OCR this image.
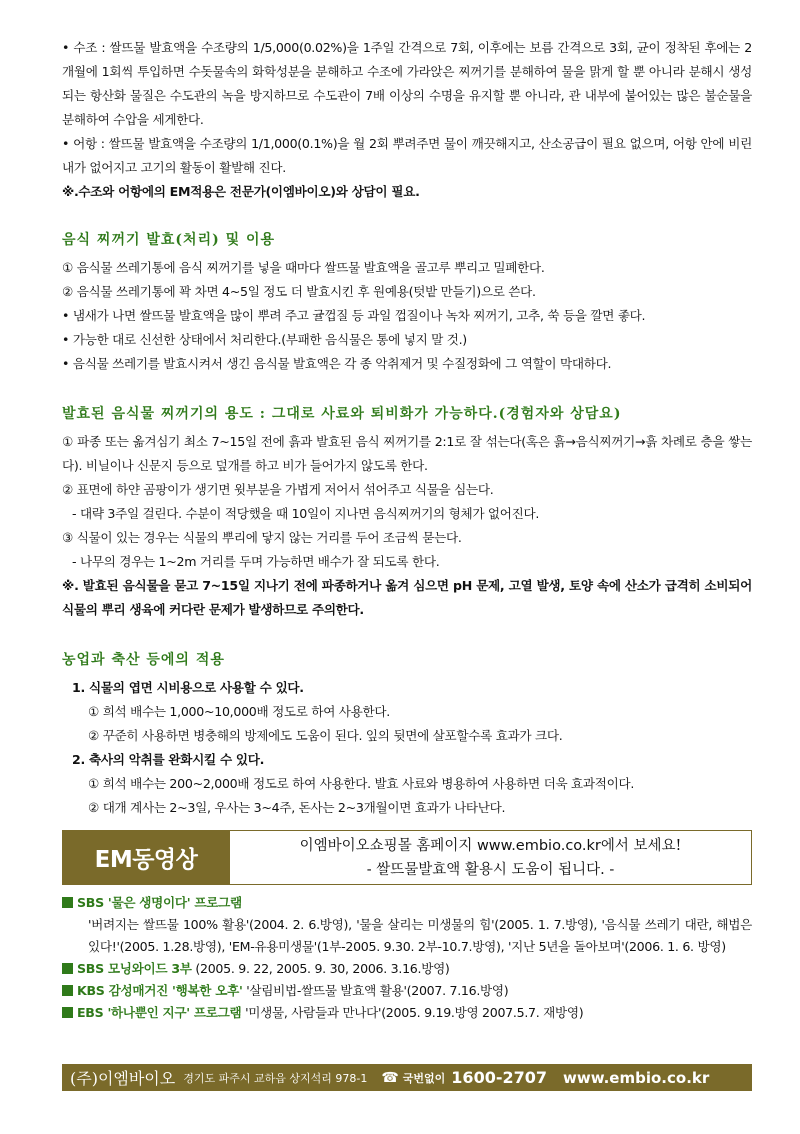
• 수조 : 쌀뜨물 발효액을 수조량의 1/5,000(0.02%)을 1주일 간격으로 7회, 이후에는 보름 간격으로 3회, 균이 정착된 후에는 2개월에 1회씩 투입하면 수돗물속의 화학성분을 분해하고 수조에 가라앉은 찌꺼기를 분해하여 물을 맑게 할 뿐 아니라 분해시 생성되는 항산화 물질은 수도관의 녹을 방지하므로 수도관이 7배 이상의 수명을 유지할 뿐 아니라, 관 내부에 붙어있는 많은 불순물을 분해하여 수압을 세게한다.

• 어항 : 쌀뜨물 발효액을 수조량의 1/1,000(0.1%)을 월 2회 뿌려주면 물이 깨끗해지고, 산소공급이 필요 없으며, 어항 안에 비린내가 없어지고 고기의 활동이 활발해 진다.

※.수조와 어항에의 EM적용은 전문가(이엠바이오)와 상담이 필요.

음식 찌꺼기 발효(처리) 및 이용

① 음식물 쓰레기통에 음식 찌꺼기를 넣을 때마다 쌀뜨물 발효액을 골고루 뿌리고 밀폐한다.

② 음식물 쓰레기통에 꽉 차면 4~5일 정도 더 발효시킨 후 원예용(텃밭 만들기)으로 쓴다.

• 냄새가 나면 쌀뜨물 발효액을 많이 뿌려 주고 귤껍질 등 과일 껍질이나 녹차 찌꺼기, 고추, 쑥 등을 깔면 좋다.

• 가능한 대로 신선한 상태에서 처리한다.(부패한 음식물은 통에 넣지 말 것.)

• 음식물 쓰레기를 발효시켜서 생긴 음식물 발효액은 각 종 악취제거 및 수질정화에 그 역할이 막대하다.

발효된 음식물 찌꺼기의 용도 : 그대로 사료와 퇴비화가 가능하다.(경험자와 상담요)

① 파종 또는 옮겨심기 최소 7~15일 전에 흙과 발효된 음식 찌꺼기를 2:1로 잘 섞는다(혹은 흙→음식찌꺼기→흙 차례로 층을 쌓는다). 비닐이나 신문지 등으로 덮개를 하고 비가 들어가지 않도록 한다.

② 표면에 하얀 곰팡이가 생기면 윗부분을 가볍게 저어서 섞어주고 식물을 심는다.

- 대략 3주일 걸린다. 수분이 적당했을 때 10일이 지나면 음식찌꺼기의 형체가 없어진다.

③ 식물이 있는 경우는 식물의 뿌리에 닿지 않는 거리를 두어 조금씩 묻는다.

- 나무의 경우는 1~2m 거리를 두며 가능하면 배수가 잘 되도록 한다.

※. 발효된 음식물을 묻고 7~15일 지나기 전에 파종하거나 옮겨 심으면 pH 문제, 고열 발생, 토양 속에 산소가 급격히 소비되어 식물의 뿌리 생육에 커다란 문제가 발생하므로 주의한다.

농업과 축산 등에의 적용

1. 식물의 엽면 시비용으로 사용할 수 있다.

① 희석 배수는 1,000~10,000배 정도로 하여 사용한다.

② 꾸준히 사용하면 병충해의 방제에도 도움이 된다. 잎의 뒷면에 살포할수록 효과가 크다.

2. 축사의 악취를 완화시킬 수 있다.

① 희석 배수는 200~2,000배 정도로 하여 사용한다. 발효 사료와 병용하여 사용하면 더욱 효과적이다.

② 대개 계사는 2~3일, 우사는 3~4주, 돈사는 2~3개월이면 효과가 나타난다.

EM동영상
이엠바이오쇼핑몰 홈페이지 www.embio.co.kr에서 보세요!
- 쌀뜨물발효액 활용시 도움이 됩니다. -

SBS '물은 생명이다' 프로그램

'버려지는 쌀뜨물 100% 활용'(2004. 2. 6.방영), '물을 살리는 미생물의 힘'(2005. 1. 7.방영), '음식물 쓰레기 대란, 해법은 있다!'(2005. 1.28.방영), 'EM-유용미생물'(1부-2005. 9.30. 2부-10.7.방영), '지난 5년을 돌아보며'(2006. 1. 6. 방영)

SBS 모닝와이드 3부 (2005. 9. 22, 2005. 9. 30, 2006. 3.16.방영)

KBS 감성매거진 '행복한 오후' '살림비법-쌀뜨물 발효액 활용'(2007. 7.16.방영)

EBS '하나뿐인 지구' 프로그램 '미생물, 사람들과 만나다'(2005. 9.19.방영 2007.5.7. 재방영)

(주)이엠바이오 경기도 파주시 교하읍 상지석리 978-1 ☎ 국번없이 1600-2707 www.embio.co.kr
